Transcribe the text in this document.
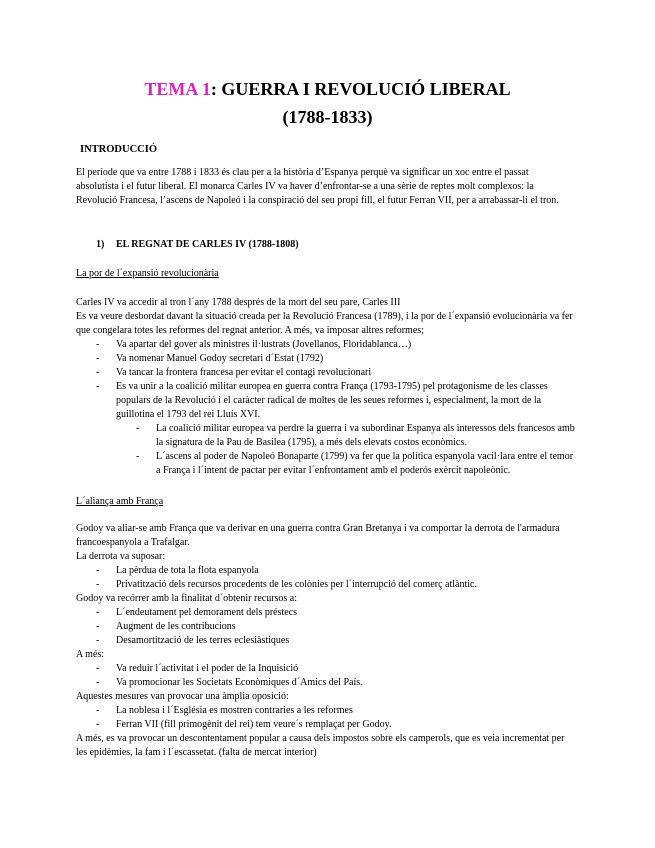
TEMA 1: GUERRA I REVOLUCIÓ LIBERAL
(1788-1833)
INTRODUCCIÓ
El període que va entre 1788 i 1833 és clau per a la història d’Espanya perquè va significar un xoc entre el passat absolutista i el futur liberal. El monarca Carles IV va haver d’enfrontar-se a una sèrie de reptes molt complexos: la Revolució Francesa, l’ascens de Napoleó i la conspiració del seu propi fill, el futur Ferran VII, per a arrabassar-li el tron.
1) EL REGNAT DE CARLES IV (1788-1808)
La por de l´expansió revolucionària
Carles IV va accedir al tron l´any 1788 després de la mort del seu pare, Carles III
Es va veure desbordat davant la situació creada per la Revolució Francesa (1789), i la por de l´expansió evolucionària va fer que congelara totes les reformes del regnat anterior. A més, va imposar altres reformes;
- Va apartar del gover als ministres il·lustrats (Jovellanos, Floridablanca…)
- Va nomenar Manuel Godoy secretari d´Estat (1792)
- Va tancar la frontera francesa per evitar el contagi revolucionari
- Es va unir a la coalició militar europea en guerra contra França (1793-1795) pel protagonisme de les classes populars de la Revolució i el caràcter radical de moltes de les seues reformes i, especialment, la mort de la guillotina el 1793 del rei Lluís XVI.
- La coalició militar europea va perdre la guerra i va subordinar Espanya als interessos dels francesos amb la signatura de la Pau de Basilea (1795), a més dels elevats costos econòmics.
- L´ascens al poder de Napoleó Bonaparte (1799) va fer que la política espanyola vacil·lara entre el temor a França i l´intent de pactar per evitar l´enfrontament amb el poderós exèrcit napoleònic.
L´aliança amb França
Godoy va aliar-se amb França que va derivar en una guerra contra Gran Bretanya i va comportar la derrota de l'armadura francoespanyola a Trafalgar.
La derrota va suposar:
- La pèrdua de tota la flota espanyola
- Privatització dels recursos procedents de les colònies per l´interrupció del comerç atlàntic.
Godoy va recórrer amb la finalitat d´obtenir recursos a:
- L´endeutament pel demorament dels préstecs
- Augment de les contribucions
- Desamortització de les terres eclesiàstiques
A més:
- Va reduir l´activitat i el poder de la Inquisició
- Va promocionar les Societats Econòmiques d´Amics del País.
Aquestes mesures van provocar una àmplia oposició:
- La noblesa i l´Església es mostren contraries a les reformes
- Ferran VII (fill primogènit del rei) tem veure´s remplaçat per Godoy.
A més, es va provocar un descontentament popular a causa dels impostos sobre els camperols, que es veia incrementat per les epidèmies, la fam i l´escassetat. (falta de mercat interior)
